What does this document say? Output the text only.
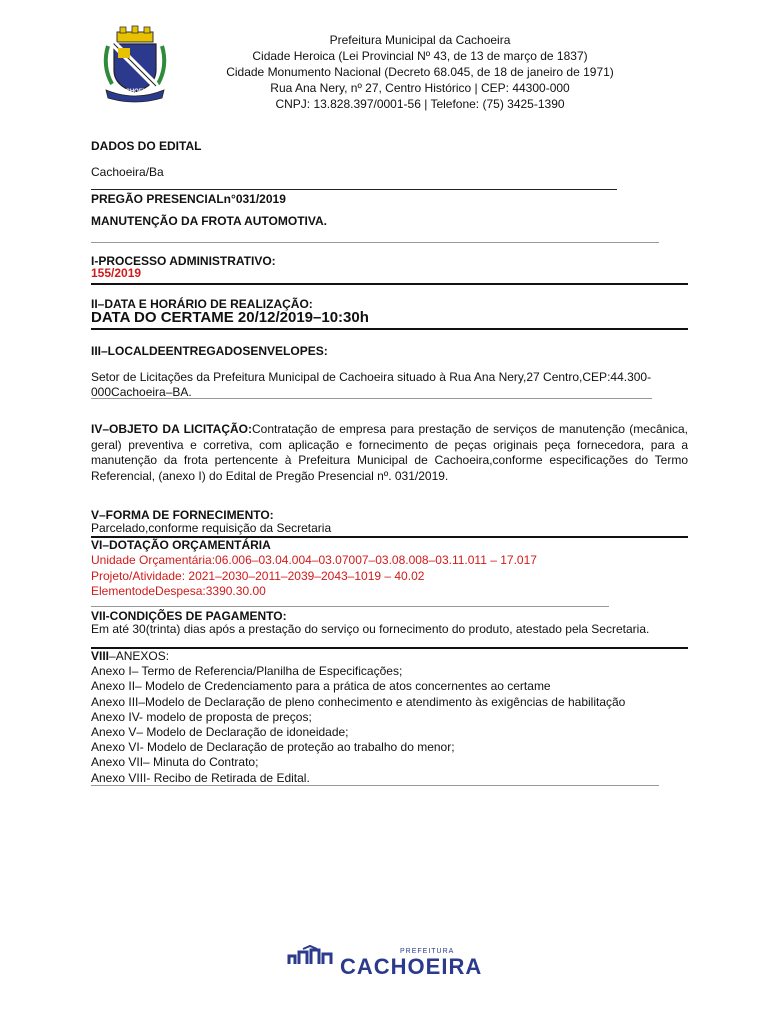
CACHOEIRA
Prefeitura Municipal da Cachoeira
Cidade Heroica (Lei Provincial Nº 43, de 13 de março de 1837)
Cidade Monumento Nacional (Decreto 68.045, de 18 de janeiro de 1971)
Rua Ana Nery, nº 27, Centro Histórico | CEP: 44300-000
CNPJ: 13.828.397/0001-56 | Telefone: (75) 3425-1390
DADOS DO EDITAL
Cachoeira/Ba
PREGÃO PRESENCIALn°031/2019
MANUTENÇÃO DA FROTA AUTOMOTIVA.
I-PROCESSO ADMINISTRATIVO:
155/2019
II–DATA E HORÁRIO DE REALIZAÇÃO:
DATA DO CERTAME 20/12/2019–10:30h
III–LOCALDEENTREGADOSENVELOPES:
Setor de Licitações da Prefeitura Municipal de Cachoeira situado à Rua Ana Nery,27 Centro,CEP:44.300-
000Cachoeira–BA.
IV–OBJETO DA LICITAÇÃO:Contratação de empresa para prestação de serviços de manutenção (mecânica, geral) preventiva e corretiva, com aplicação e fornecimento de peças originais peça fornecedora, para a manutenção da frota pertencente à Prefeitura Municipal de Cachoeira,conforme especificações do Termo Referencial, (anexo I) do Edital de Pregão Presencial nº. 031/2019.
V–FORMA DE FORNECIMENTO:
Parcelado,conforme requisição da Secretaria
VI–DOTAÇÃO ORÇAMENTÁRIA
Unidade Orçamentária:06.006–03.04.004–03.07007–03.08.008–03.11.011 – 17.017
Projeto/Atividade: 2021–2030–2011–2039–2043–1019 – 40.02
ElementodeDespesa:3390.30.00
VII-CONDIÇÕES DE PAGAMENTO:
Em até 30(trinta) dias após a prestação do serviço ou fornecimento do produto, atestado pela Secretaria.
VIII–ANEXOS:
Anexo I– Termo de Referencia/Planilha de Especificações;
Anexo II– Modelo de Credenciamento para a prática de atos concernentes ao certame
Anexo III–Modelo de Declaração de pleno conhecimento e atendimento às exigências de habilitação
Anexo IV- modelo de proposta de preços;
Anexo V– Modelo de Declaração de idoneidade;
Anexo VI- Modelo de Declaração de proteção ao trabalho do menor;
Anexo VII– Minuta do Contrato;
Anexo VIII- Recibo de Retirada de Edital.
PREFEITURA
CACHOEIRA
